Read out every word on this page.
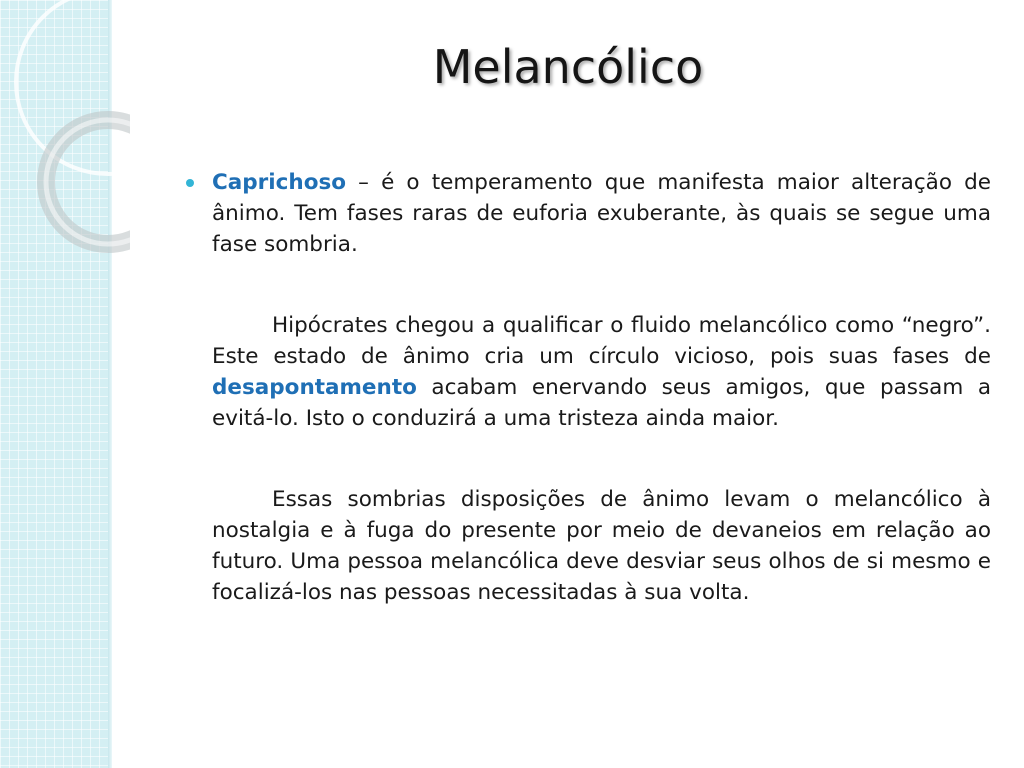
Melancólico

Caprichoso – é o temperamento que manifesta maior alteração de ânimo. Tem fases raras de euforia exuberante, às quais se segue uma fase sombria.

Hipócrates chegou a qualificar o fluido melancólico como “negro”. Este estado de ânimo cria um círculo vicioso, pois suas fases de desapontamento acabam enervando seus amigos, que passam a evitá-lo. Isto o conduzirá a uma tristeza ainda maior.

Essas sombrias disposições de ânimo levam o melancólico à nostalgia e à fuga do presente por meio de devaneios em relação ao futuro. Uma pessoa melancólica deve desviar seus olhos de si mesmo e focalizá-los nas pessoas necessitadas à sua volta.
